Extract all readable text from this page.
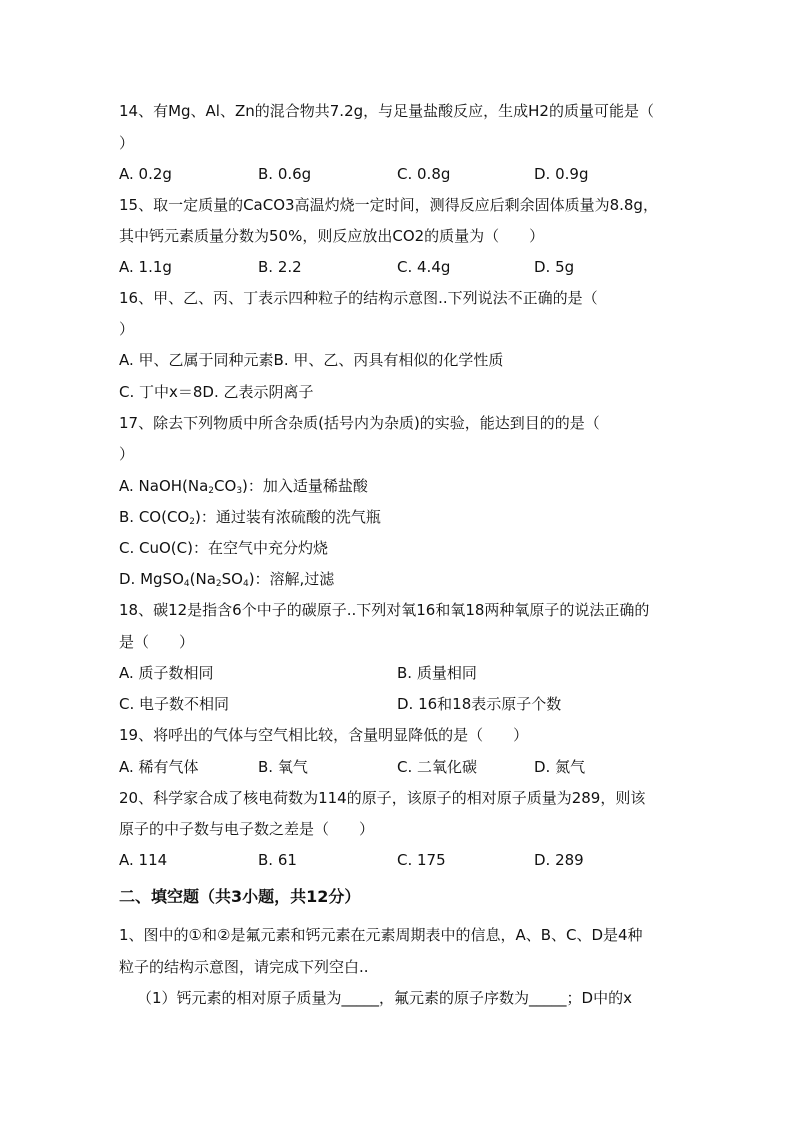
14、有Mg、Al、Zn的混合物共7.2g，与足量盐酸反应，生成H2的质量可能是（
）
A. 0.2g	B. 0.6g	C. 0.8g	D. 0.9g
15、取一定质量的CaCO3高温灼烧一定时间，测得反应后剩余固体质量为8.8g，
其中钙元素质量分数为50%，则反应放出CO2的质量为（　　）
A. 1.1g	B. 2.2	C. 4.4g	D. 5g
16、甲、乙、丙、丁表示四种粒子的结构示意图..下列说法不正确的是（
）
A. 甲、乙属于同种元素B. 甲、乙、丙具有相似的化学性质
C. 丁中x＝8D. 乙表示阴离子
17、除去下列物质中所含杂质(括号内为杂质)的实验，能达到目的的是（
）
A. $NaOH(Na_2CO_3)$：加入适量稀盐酸
B. $CO(CO_2)$：通过装有浓硫酸的洗气瓶
C. CuO(C)：在空气中充分灼烧
D. $MgSO_4(Na_2SO_4)$：溶解,过滤
18、碳12是指含6个中子的碳原子..下列对氧16和氧18两种氧原子的说法正确的
是（　　）
A. 质子数相同	B. 质量相同
C. 电子数不相同	D. 16和18表示原子个数
19、将呼出的气体与空气相比较，含量明显降低的是（　　）
A. 稀有气体	B. 氧气	C. 二氧化碳	D. 氮气
20、科学家合成了核电荷数为114的原子，该原子的相对原子质量为289，则该
原子的中子数与电子数之差是（　　）
A. 114	B. 61	C. 175	D. 289
二、填空题（共3小题，共12分）
1、图中的①和②是氟元素和钙元素在元素周期表中的信息，A、B、C、D是4种
粒子的结构示意图，请完成下列空白..
（1）钙元素的相对原子质量为_____，氟元素的原子序数为_____；D中的x
